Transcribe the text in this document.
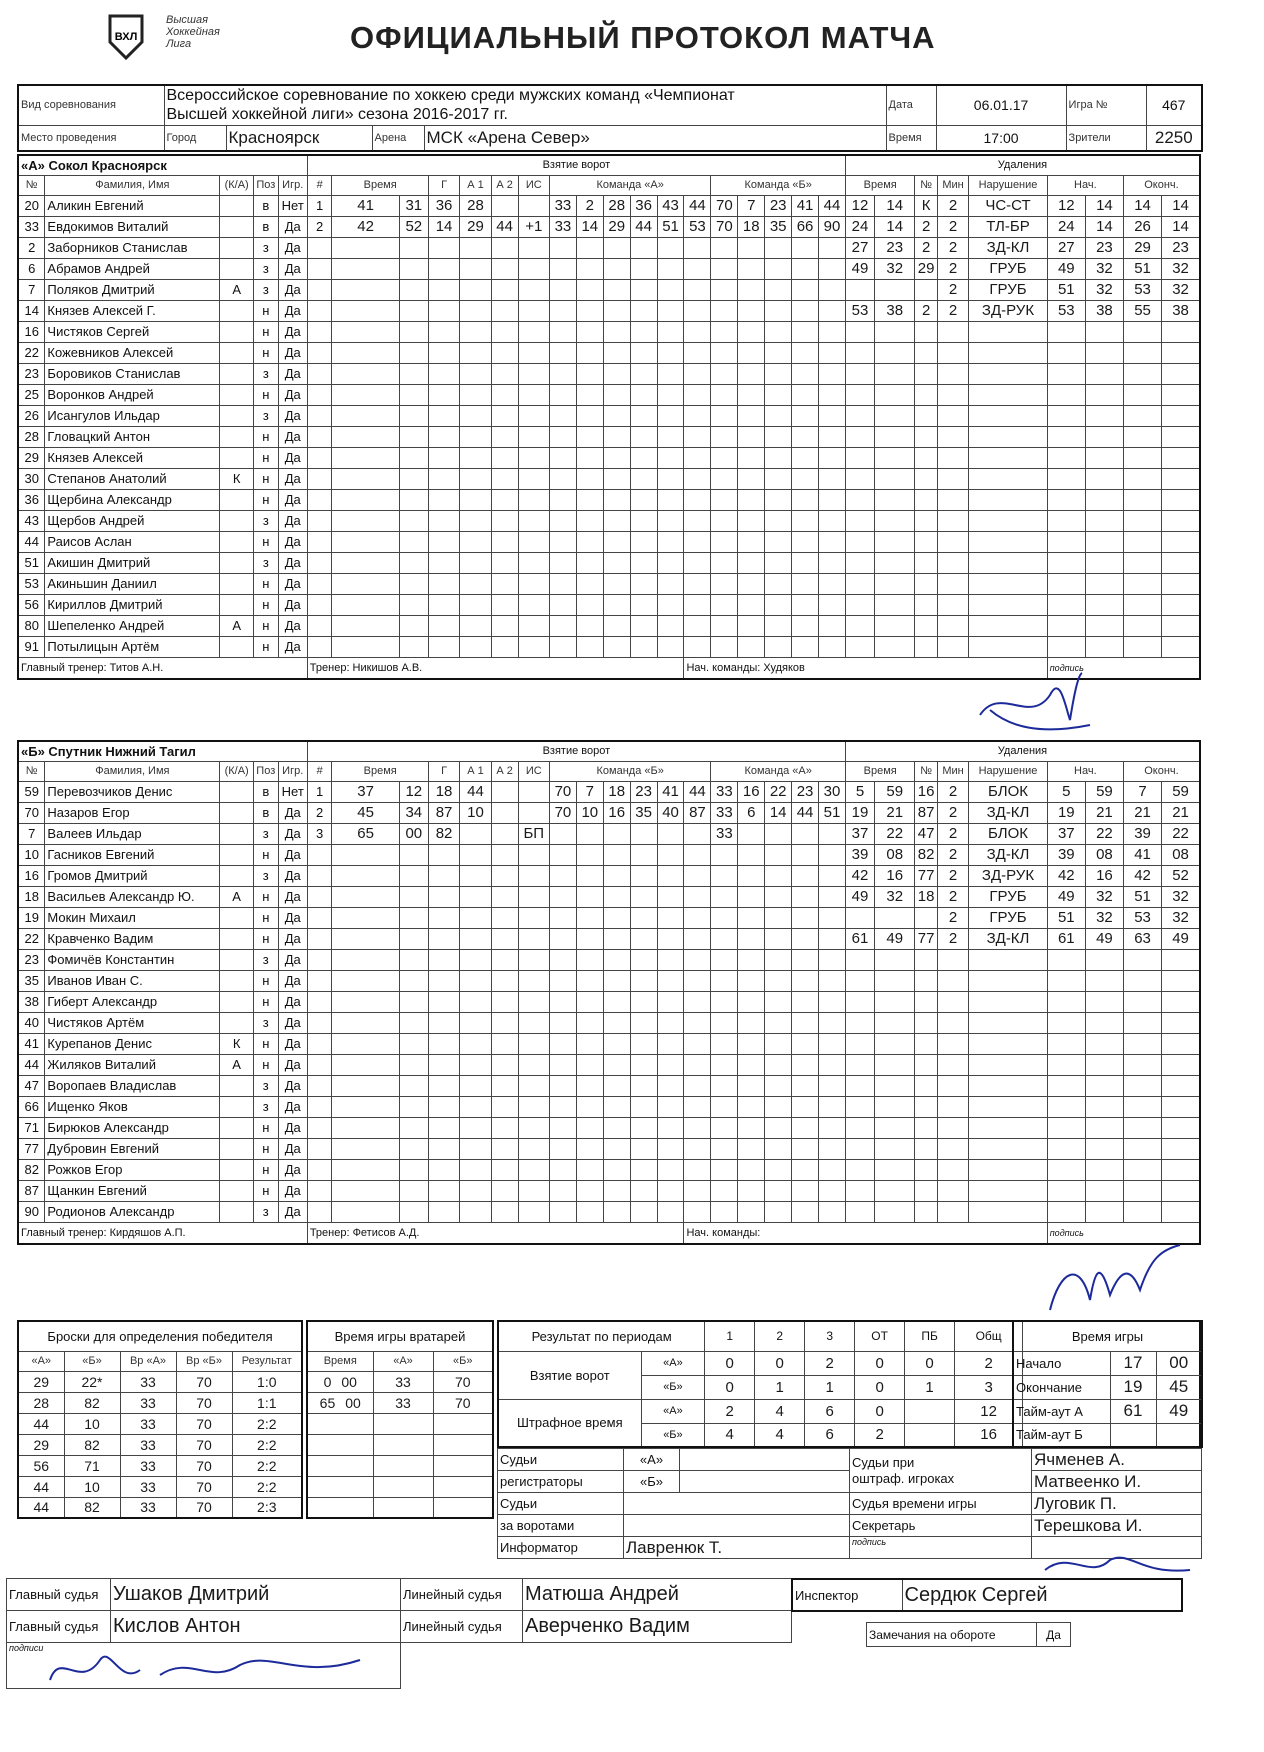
ВХЛ
Высшая
Хоккейная
Лига	ОФИЦИАЛЬНЫЙ ПРОТОКОЛ МАТЧА
Вид соревнования	Всероссийское соревнование по хоккею среди мужских команд «Чемпионат
Высшей хоккейной лиги» сезона 2016-2017 гг.				Дата	06.01.17	Игра №	467
Место проведения	Город	Красноярск	Арена	МСК «Арена Север»	Время	17:00	Зрители	2250
«А» Сокол Красноярск					Взятие ворот																		Удаления								
№	Фамилия, Имя	(К/А)	Поз	Игр.	#	Время		Г	А 1	А 2	ИС	Команда «А»						Команда «Б»					Время		№	Мин	Нарушение	Нач.		Оконч.	
20	Аликин Евгений		в	Нет	1	41	31	36	28			33	2	28	36	43	44	70	7	23	41	44	12	14	К	2	ЧС-СТ	12	14	14	14
33	Евдокимов Виталий		в	Да	2	42	52	14	29	44	+1	33	14	29	44	51	53	70	18	35	66	90	24	14	2	2	ТЛ-БР	24	14	26	14
2	Заборников Станислав		з	Да																			27	23	2	2	ЗД-КЛ	27	23	29	23
6	Абрамов Андрей		з	Да																			49	32	29	2	ГРУБ	49	32	51	32
7	Поляков Дмитрий	А	з	Да																						2	ГРУБ	51	32	53	32
14	Князев Алексей Г.		н	Да																			53	38	2	2	ЗД-РУК	53	38	55	38
16	Чистяков Сергей		н	Да																											
22	Кожевников Алексей		н	Да																											
23	Боровиков Станислав		з	Да																											
25	Воронков Андрей		н	Да																											
26	Исангулов Ильдар		з	Да																											
28	Гловацкий Антон		н	Да																											
29	Князев Алексей		н	Да																											
30	Степанов Анатолий	К	н	Да																											
36	Щербина Александр		н	Да																											
43	Щербов Андрей		з	Да																											
44	Раисов Аслан		н	Да																											
51	Акишин Дмитрий		з	Да																											
53	Акиньшин Даниил		н	Да																											
56	Кириллов Дмитрий		н	Да																											
80	Шепеленко Андрей	А	н	Да																											
91	Потылицын Артём		н	Да																											
Главный тренер: Титов А.Н.					Тренер: Никишов А.В.												Нач. команды: Худяков											подпись			
«Б» Спутник Нижний Тагил					Взятие ворот																		Удаления								
№	Фамилия, Имя	(К/А)	Поз	Игр.	#	Время		Г	А 1	А 2	ИС	Команда «Б»						Команда «А»					Время		№	Мин	Нарушение	Нач.		Оконч.	
59	Перевозчиков Денис		в	Нет	1	37	12	18	44			70	7	18	23	41	44	33	16	22	23	30	5	59	16	2	БЛОК	5	59	7	59
70	Назаров Егор		в	Да	2	45	34	87	10			70	10	16	35	40	87	33	6	14	44	51	19	21	87	2	ЗД-КЛ	19	21	21	21
7	Валеев Ильдар		з	Да	3	65	00	82			БП							33					37	22	47	2	БЛОК	37	22	39	22
10	Гасников Евгений		н	Да																			39	08	82	2	ЗД-КЛ	39	08	41	08
16	Громов Дмитрий		з	Да																			42	16	77	2	ЗД-РУК	42	16	42	52
18	Васильев Александр Ю.	А	н	Да																			49	32	18	2	ГРУБ	49	32	51	32
19	Мокин Михаил		н	Да																						2	ГРУБ	51	32	53	32
22	Кравченко Вадим		н	Да																			61	49	77	2	ЗД-КЛ	61	49	63	49
23	Фомичёв Константин		з	Да																											
35	Иванов Иван С.		н	Да																											
38	Гиберт Александр		н	Да																											
40	Чистяков Артём		з	Да																											
41	Курепанов Денис	К	н	Да																											
44	Жиляков Виталий	А	н	Да																											
47	Воропаев Владислав		з	Да																											
66	Ищенко Яков		з	Да																											
71	Бирюков Александр		н	Да																											
77	Дубровин Евгений		н	Да																											
82	Рожков Егор		н	Да																											
87	Щанкин Евгений		н	Да																											
90	Родионов Александр		з	Да																											
Главный тренер: Кирдяшов А.П.					Тренер: Фетисов А.Д.												Нач. команды:											подпись			
Броски для определения победителя				
«А»	«Б»	Вр «А»	Вр «Б»	Результат
29	22*	33	70	1:0
28	82	33	70	1:1
44	10	33	70	2:2
29	82	33	70	2:2
56	71	33	70	2:2
44	10	33	70	2:2
44	82	33	70	2:3
Время игры вратарей		
Время	«А»	«Б»
0 00	33	70
65 00	33	70

Результат по периодам		1	2	3	ОТ	ПБ	Общ	
Взятие ворот	«А»	0	0	2	0	0	2	
	«Б»	0	1	1	0	1	3	
Штрафное время	«А»	2	4	6	0		12	
	«Б»	4	4	6	2		16	
Судьи	«А»		Судьи при
оштраф. игроках	Ячменев А.
регистраторы	«Б»			Матвеенко И.
Судьи			Судья времени игры	Луговик П.
за воротами			Секретарь	Терешкова И.
Информатор	Лавренюк Т.		подпись	
Время игры		
Начало	17	00
Окончание	19	45
Тайм-аут А	61	49
Тайм-аут Б		
Главный судья	Ушаков Дмитрий	Линейный судья	Матюша Андрей
Главный судья	Кислов Антон	Линейный судья	Аверченко Вадим
подписи			
Инспектор	Сердюк Сергей
Замечания на обороте	Да
